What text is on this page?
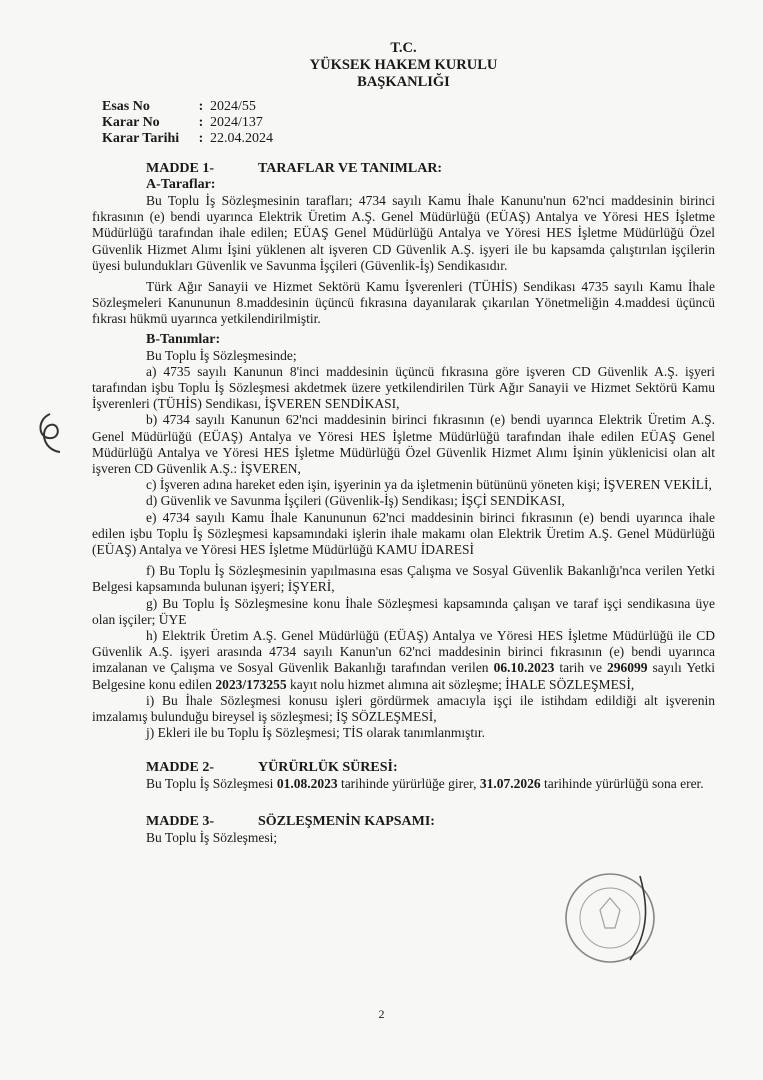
T.C.
YÜKSEK HAKEM KURULU
BAŞKANLIĞI
Esas No	: 2024/55
Karar No	: 2024/137
Karar Tarihi	: 22.04.2024
MADDE 1-	TARAFLAR VE TANIMLAR:
A-Taraflar:

Bu Toplu İş Sözleşmesinin tarafları; 4734 sayılı Kamu İhale Kanunu'nun 62'nci maddesinin birinci fıkrasının (e) bendi uyarınca Elektrik Üretim A.Ş. Genel Müdürlüğü (EÜAŞ) Antalya ve Yöresi HES İşletme Müdürlüğü tarafından ihale edilen; EÜAŞ Genel Müdürlüğü Antalya ve Yöresi HES İşletme Müdürlüğü Özel Güvenlik Hizmet Alımı İşini yüklenen alt işveren CD Güvenlik A.Ş. işyeri ile bu kapsamda çalıştırılan işçilerin üyesi bulundukları Güvenlik ve Savunma İşçileri (Güvenlik-İş) Sendikasıdır.

Türk Ağır Sanayii ve Hizmet Sektörü Kamu İşverenleri (TÜHİS) Sendikası 4735 sayılı Kamu İhale Sözleşmeleri Kanununun 8.maddesinin üçüncü fıkrasına dayanılarak çıkarılan Yönetmeliğin 4.maddesi üçüncü fıkrası hükmü uyarınca yetkilendirilmiştir.

B-Tanımlar:

Bu Toplu İş Sözleşmesinde;

a) 4735 sayılı Kanunun 8'inci maddesinin üçüncü fıkrasına göre işveren CD Güvenlik A.Ş. işyeri tarafından işbu Toplu İş Sözleşmesi akdetmek üzere yetkilendirilen Türk Ağır Sanayii ve Hizmet Sektörü Kamu İşverenleri (TÜHİS) Sendikası, İŞVEREN SENDİKASI,

b) 4734 sayılı Kanunun 62'nci maddesinin birinci fıkrasının (e) bendi uyarınca Elektrik Üretim A.Ş. Genel Müdürlüğü (EÜAŞ) Antalya ve Yöresi HES İşletme Müdürlüğü tarafından ihale edilen EÜAŞ Genel Müdürlüğü Antalya ve Yöresi HES İşletme Müdürlüğü Özel Güvenlik Hizmet Alımı İşinin yüklenicisi olan alt işveren CD Güvenlik A.Ş.: İŞVEREN,

c) İşveren adına hareket eden işin, işyerinin ya da işletmenin bütününü yöneten kişi; İŞVEREN VEKİLİ,

d) Güvenlik ve Savunma İşçileri (Güvenlik-İş) Sendikası; İŞÇİ SENDİKASI,

e) 4734 sayılı Kamu İhale Kanununun 62'nci maddesinin birinci fıkrasının (e) bendi uyarınca ihale edilen işbu Toplu İş Sözleşmesi kapsamındaki işlerin ihale makamı olan Elektrik Üretim A.Ş. Genel Müdürlüğü (EÜAŞ) Antalya ve Yöresi HES İşletme Müdürlüğü KAMU İDARESİ

f) Bu Toplu İş Sözleşmesinin yapılmasına esas Çalışma ve Sosyal Güvenlik Bakanlığı'nca verilen Yetki Belgesi kapsamında bulunan işyeri; İŞYERİ,

g) Bu Toplu İş Sözleşmesine konu İhale Sözleşmesi kapsamında çalışan ve taraf işçi sendikasına üye olan işçiler; ÜYE

h) Elektrik Üretim A.Ş. Genel Müdürlüğü (EÜAŞ) Antalya ve Yöresi HES İşletme Müdürlüğü ile CD Güvenlik A.Ş. işyeri arasında 4734 sayılı Kanun'un 62'nci maddesinin birinci fıkrasının (e) bendi uyarınca imzalanan ve Çalışma ve Sosyal Güvenlik Bakanlığı tarafından verilen 06.10.2023 tarih ve 296099 sayılı Yetki Belgesine konu edilen 2023/173255 kayıt nolu hizmet alımına ait sözleşme; İHALE SÖZLEŞMESİ,

i) Bu İhale Sözleşmesi konusu işleri gördürmek amacıyla işçi ile istihdam edildiği alt işverenin imzalamış bulunduğu bireysel iş sözleşmesi; İŞ SÖZLEŞMESİ,

j) Ekleri ile bu Toplu İş Sözleşmesi; TİS olarak tanımlanmıştır.

MADDE 2-	YÜRÜRLÜK SÜRESİ:

Bu Toplu İş Sözleşmesi 01.08.2023 tarihinde yürürlüğe girer, 31.07.2026 tarihinde yürürlüğü sona erer.

MADDE 3-	SÖZLEŞMENİN KAPSAMI:

Bu Toplu İş Sözleşmesi;

2
